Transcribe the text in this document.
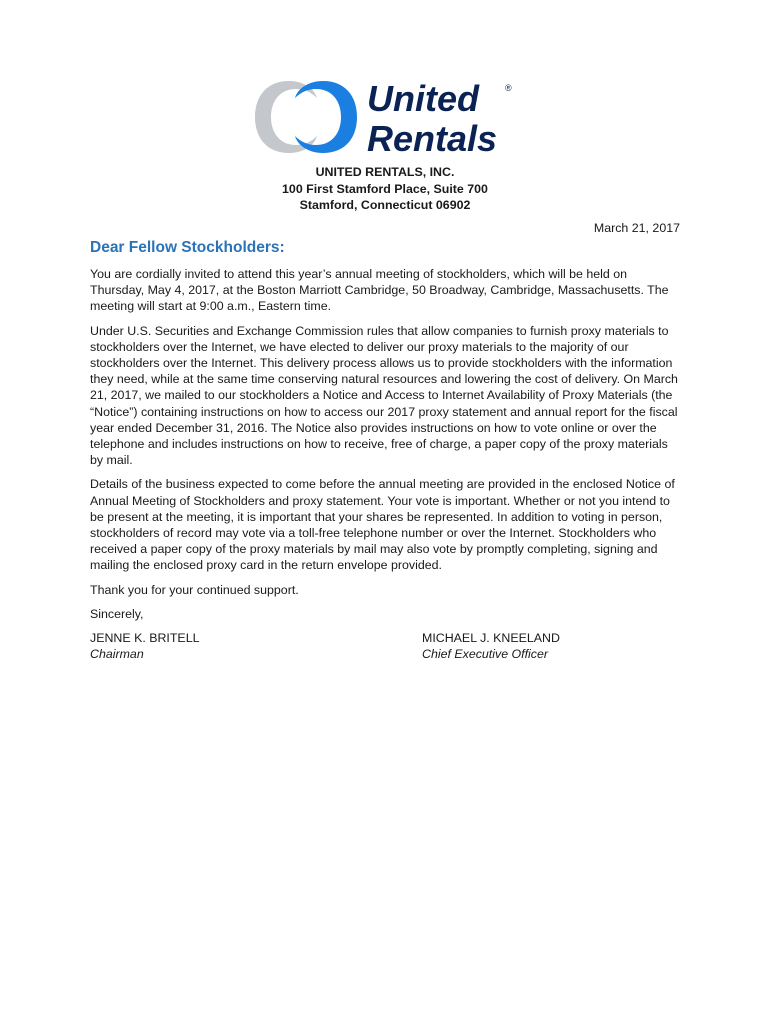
United
Rentals
®
UNITED RENTALS, INC.
100 First Stamford Place, Suite 700
Stamford, Connecticut 06902
March 21, 2017
Dear Fellow Stockholders:

You are cordially invited to attend this year’s annual meeting of stockholders, which will be held on Thursday, May 4, 2017, at the Boston Marriott Cambridge, 50 Broadway, Cambridge, Massachusetts. The meeting will start at 9:00 a.m., Eastern time.

Under U.S. Securities and Exchange Commission rules that allow companies to furnish proxy materials to stockholders over the Internet, we have elected to deliver our proxy materials to the majority of our stockholders over the Internet. This delivery process allows us to provide stockholders with the information they need, while at the same time conserving natural resources and lowering the cost of delivery. On March 21, 2017, we mailed to our stockholders a Notice and Access to Internet Availability of Proxy Materials (the “Notice”) containing instructions on how to access our 2017 proxy statement and annual report for the fiscal year ended December 31, 2016. The Notice also provides instructions on how to vote online or over the telephone and includes instructions on how to receive, free of charge, a paper copy of the proxy materials by mail.

Details of the business expected to come before the annual meeting are provided in the enclosed Notice of Annual Meeting of Stockholders and proxy statement. Your vote is important. Whether or not you intend to be present at the meeting, it is important that your shares be represented. In addition to voting in person, stockholders of record may vote via a toll-free telephone number or over the Internet. Stockholders who received a paper copy of the proxy materials by mail may also vote by promptly completing, signing and mailing the enclosed proxy card in the return envelope provided.

Thank you for your continued support.

Sincerely,

JENNE K. BRITELL
Chairman
MICHAEL J. KNEELAND
Chief Executive Officer
